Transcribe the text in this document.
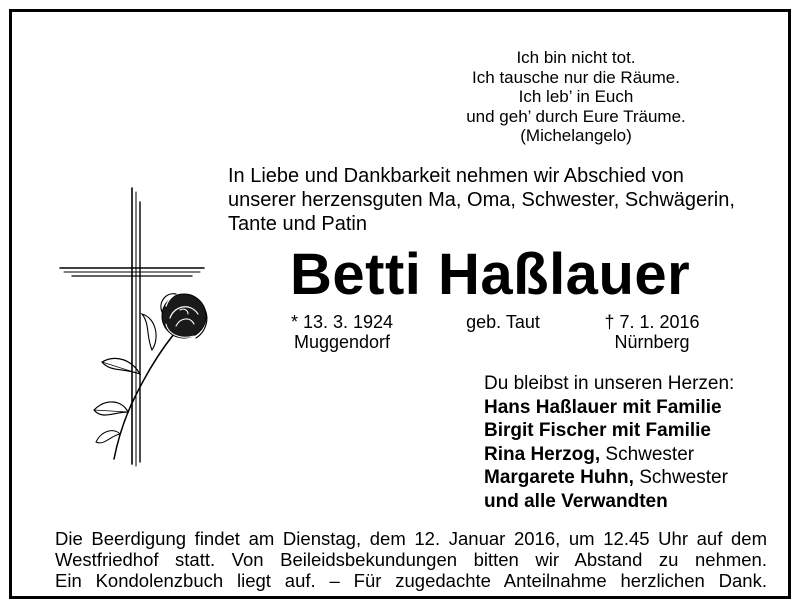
Ich bin nicht tot.
Ich tausche nur die Räume.
Ich leb’ in Euch
und geh’ durch Eure Träume.
(Michelangelo)
In Liebe und Dankbarkeit nehmen wir Abschied von
unserer herzensguten Ma, Oma, Schwester, Schwägerin,
Tante und Patin
Betti Haßlauer
* 13. 3. 1924
Muggendorf
geb. Taut	† 7. 1. 2016
Nürnberg
Du bleibst in unseren Herzen:
Hans Haßlauer mit Familie
Birgit Fischer mit Familie
Rina Herzog, Schwester
Margarete Huhn, Schwester
und alle Verwandten
Die Beerdigung findet am Dienstag, dem 12. Januar 2016, um 12.45 Uhr auf dem
Westfriedhof statt. Von Beileidsbekundungen bitten wir Abstand zu nehmen.
Ein Kondolenzbuch liegt auf. – Für zugedachte Anteilnahme herzlichen Dank.
